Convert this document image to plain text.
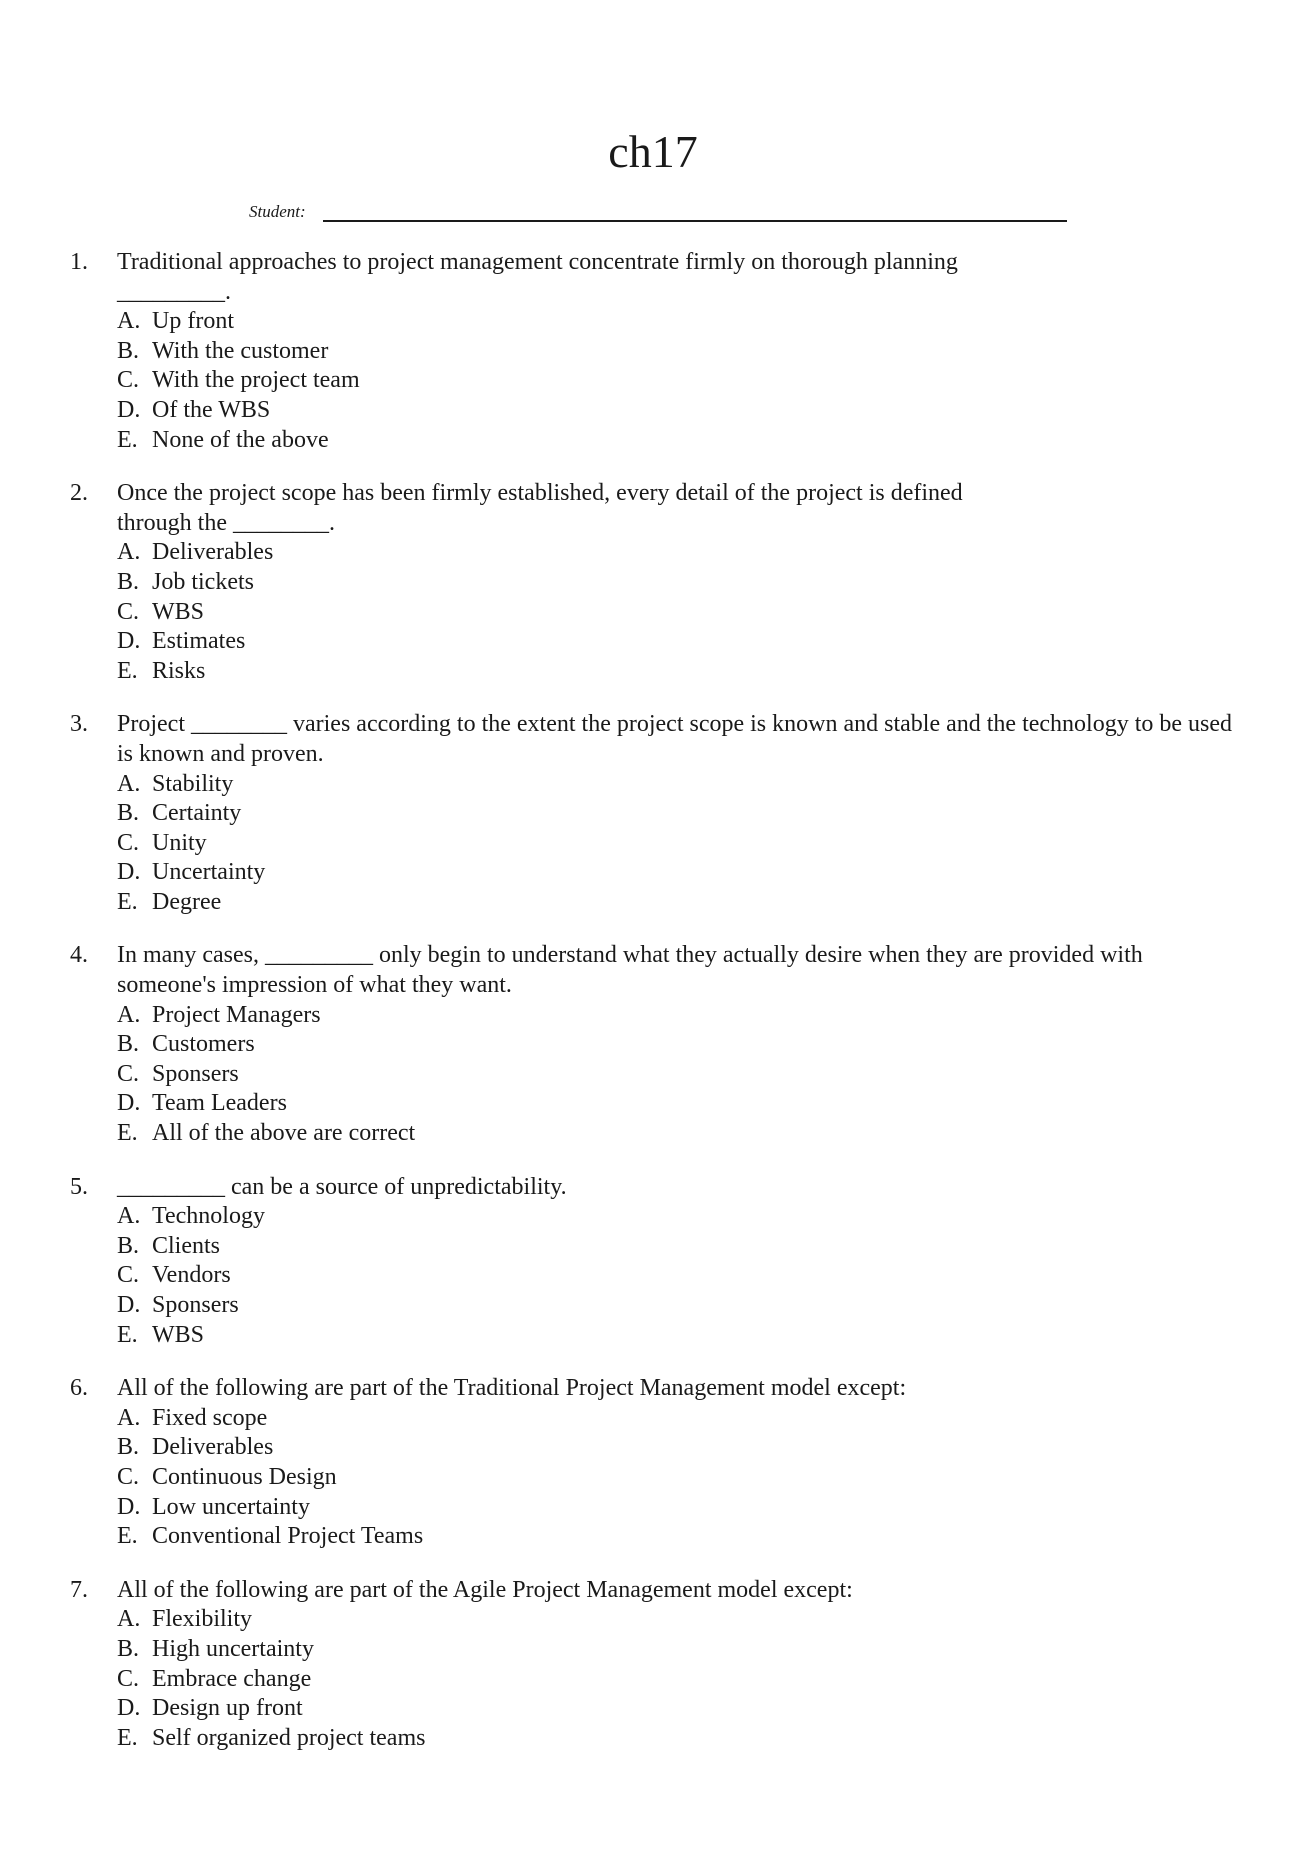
ch17
Student:
1. Traditional approaches to project management concentrate firmly on thorough planning _________.
A. Up front
B. With the customer
C. With the project team
D. Of the WBS
E. None of the above
2. Once the project scope has been firmly established, every detail of the project is defined through the ________.
A. Deliverables
B. Job tickets
C. WBS
D. Estimates
E. Risks
3. Project ________ varies according to the extent the project scope is known and stable and the technology to be used is known and proven.
A. Stability
B. Certainty
C. Unity
D. Uncertainty
E. Degree
4. In many cases, _________ only begin to understand what they actually desire when they are provided with someone's impression of what they want.
A. Project Managers
B. Customers
C. Sponsers
D. Team Leaders
E. All of the above are correct
5. _________ can be a source of unpredictability.
A. Technology
B. Clients
C. Vendors
D. Sponsers
E. WBS
6. All of the following are part of the Traditional Project Management model except:
A. Fixed scope
B. Deliverables
C. Continuous Design
D. Low uncertainty
E. Conventional Project Teams
7. All of the following are part of the Agile Project Management model except:
A. Flexibility
B. High uncertainty
C. Embrace change
D. Design up front
E. Self organized project teams
